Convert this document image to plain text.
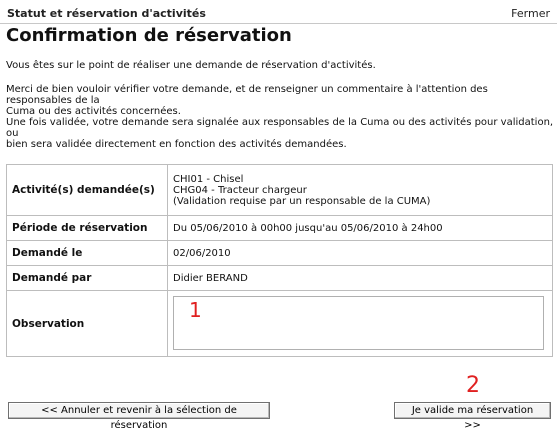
Statut et réservation d'activités	Fermer
Confirmation de réservation

Vous êtes sur le point de réaliser une demande de réservation d'activités.

Merci de bien vouloir vérifier votre demande, et de renseigner un commentaire à l'attention des responsables de la
Cuma ou des activités concernées.

Une fois validée, votre demande sera signalée aux responsables de la Cuma ou des activités pour validation, ou
bien sera validée directement en fonction des activités demandées.

Activité(s) demandée(s)	CHI01 - Chisel
CHG04 - Tracteur chargeur
(Validation requise par un responsable de la CUMA)

Période de réservation	Du 05/06/2010 à 00h00 jusqu'au 05/06/2010 à 24h00
Demandé le	02/06/2010
Demandé par	Didier BERAND
Observation	1
2
<< Annuler et revenir à la sélection de réservation
Je valide ma réservation >>
